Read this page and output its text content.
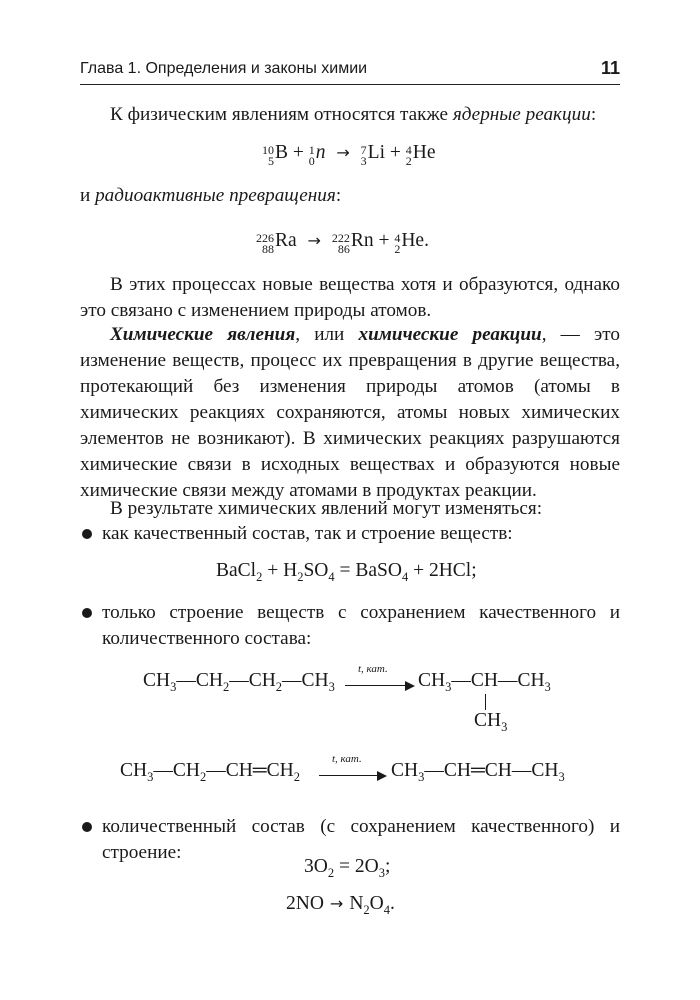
Глава 1. Определения и законы химии	11

К физическим явлениям относятся также ядерные реакции:

10
5 B + 1
0 n → 7
3 Li + 4
2 He

и радиоактивные превращения:

226
88 Ra → 222
86 Rn + 4
2 He.

В этих процессах новые вещества хотя и образуются, однако это связано с изменением природы атомов.

Химические явления, или химические реакции, — это изменение веществ, процесс их превращения в другие вещества, протекающий без изменения природы атомов (атомы в химических реакциях сохраняются, атомы новых химических элементов не возникают). В химических реакциях разрушаются химические связи в исходных веществах и образуются новые химические связи между атомами в продуктах реакции.

В результате химических явлений могут изменяться:

как качественный состав, так и строение веществ:

BaCl$_2$ + $H_2SO_4$ = BaSO$_4$ + 2HCl;

только строение веществ с сохранением качественного и количественного состава:

$CH_3—CH_2—CH_2—CH_3$
t, кат.
$CH_3—CH—CH_3$
$CH_3$
$CH_3—CH_2—CH═CH_2$
t, кат.
$CH_3—CH═CH—CH_3$

количественный состав (с сохранением качественного) и строение:

$3O_2 = 2O_3$;
$2NO \to N_2O_4$.
